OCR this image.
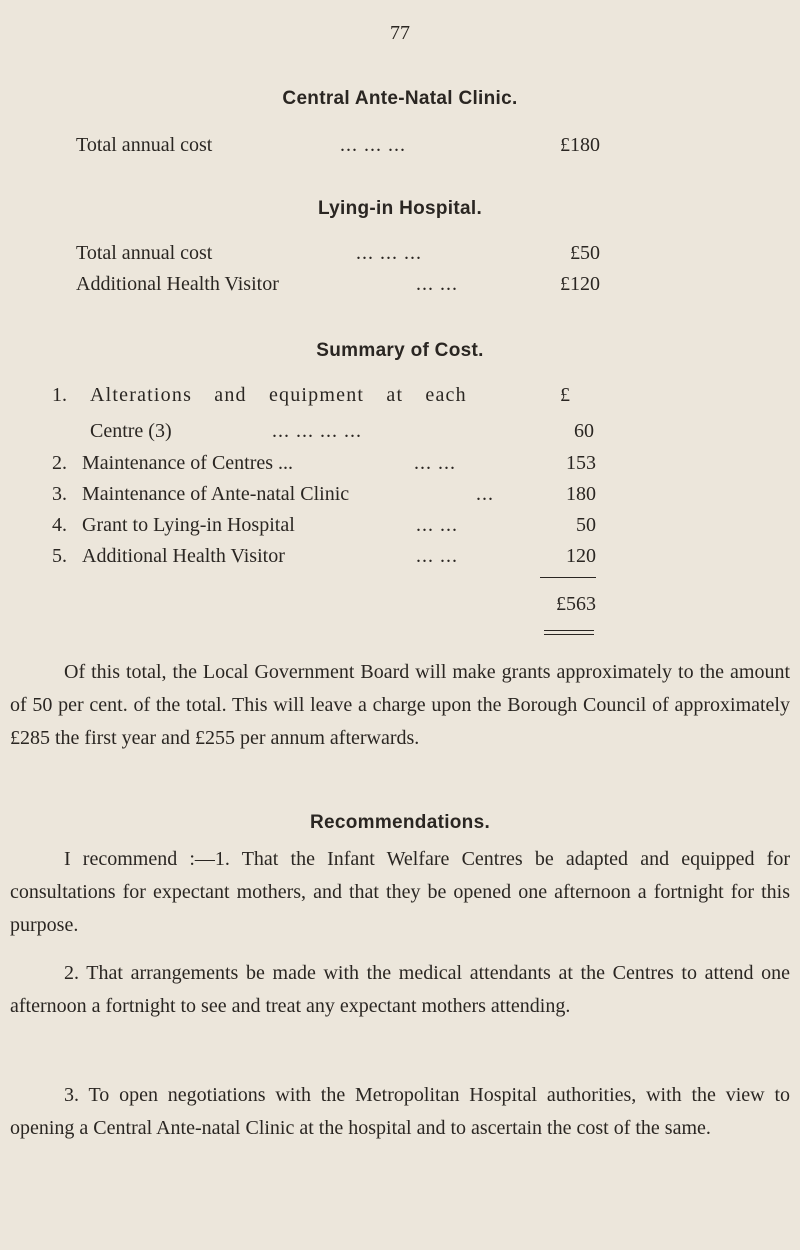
77
Central Ante-Natal Clinic.
Total annual cost	... ... ...	£180
Lying-in Hospital.
Total annual cost	... ... ...	£50
Additional Health Visitor	... ...	£120
Summary of Cost.
1. Alterations and equipment at each	£
Centre (3)	... ... ... ...	60
2. Maintenance of Centres ...	... ...	153
3. Maintenance of Ante-natal Clinic	...	180
4. Grant to Lying-in Hospital	... ...	50
5. Additional Health Visitor	... ...	120
£563
Of this total, the Local Government Board will make grants approximately to the amount of 50 per cent. of the total. This will leave a charge upon the Borough Council of approximately £285 the first year and £255 per annum afterwards.
Recommendations.
I recommend :—1. That the Infant Welfare Centres be adapted and equipped for consultations for expectant mothers, and that they be opened one afternoon a fortnight for this purpose.
2. That arrangements be made with the medical attendants at the Centres to attend one afternoon a fortnight to see and treat any expectant mothers attending.
3. To open negotiations with the Metropolitan Hospital authorities, with the view to opening a Central Ante-natal Clinic at the hospital and to ascertain the cost of the same.
